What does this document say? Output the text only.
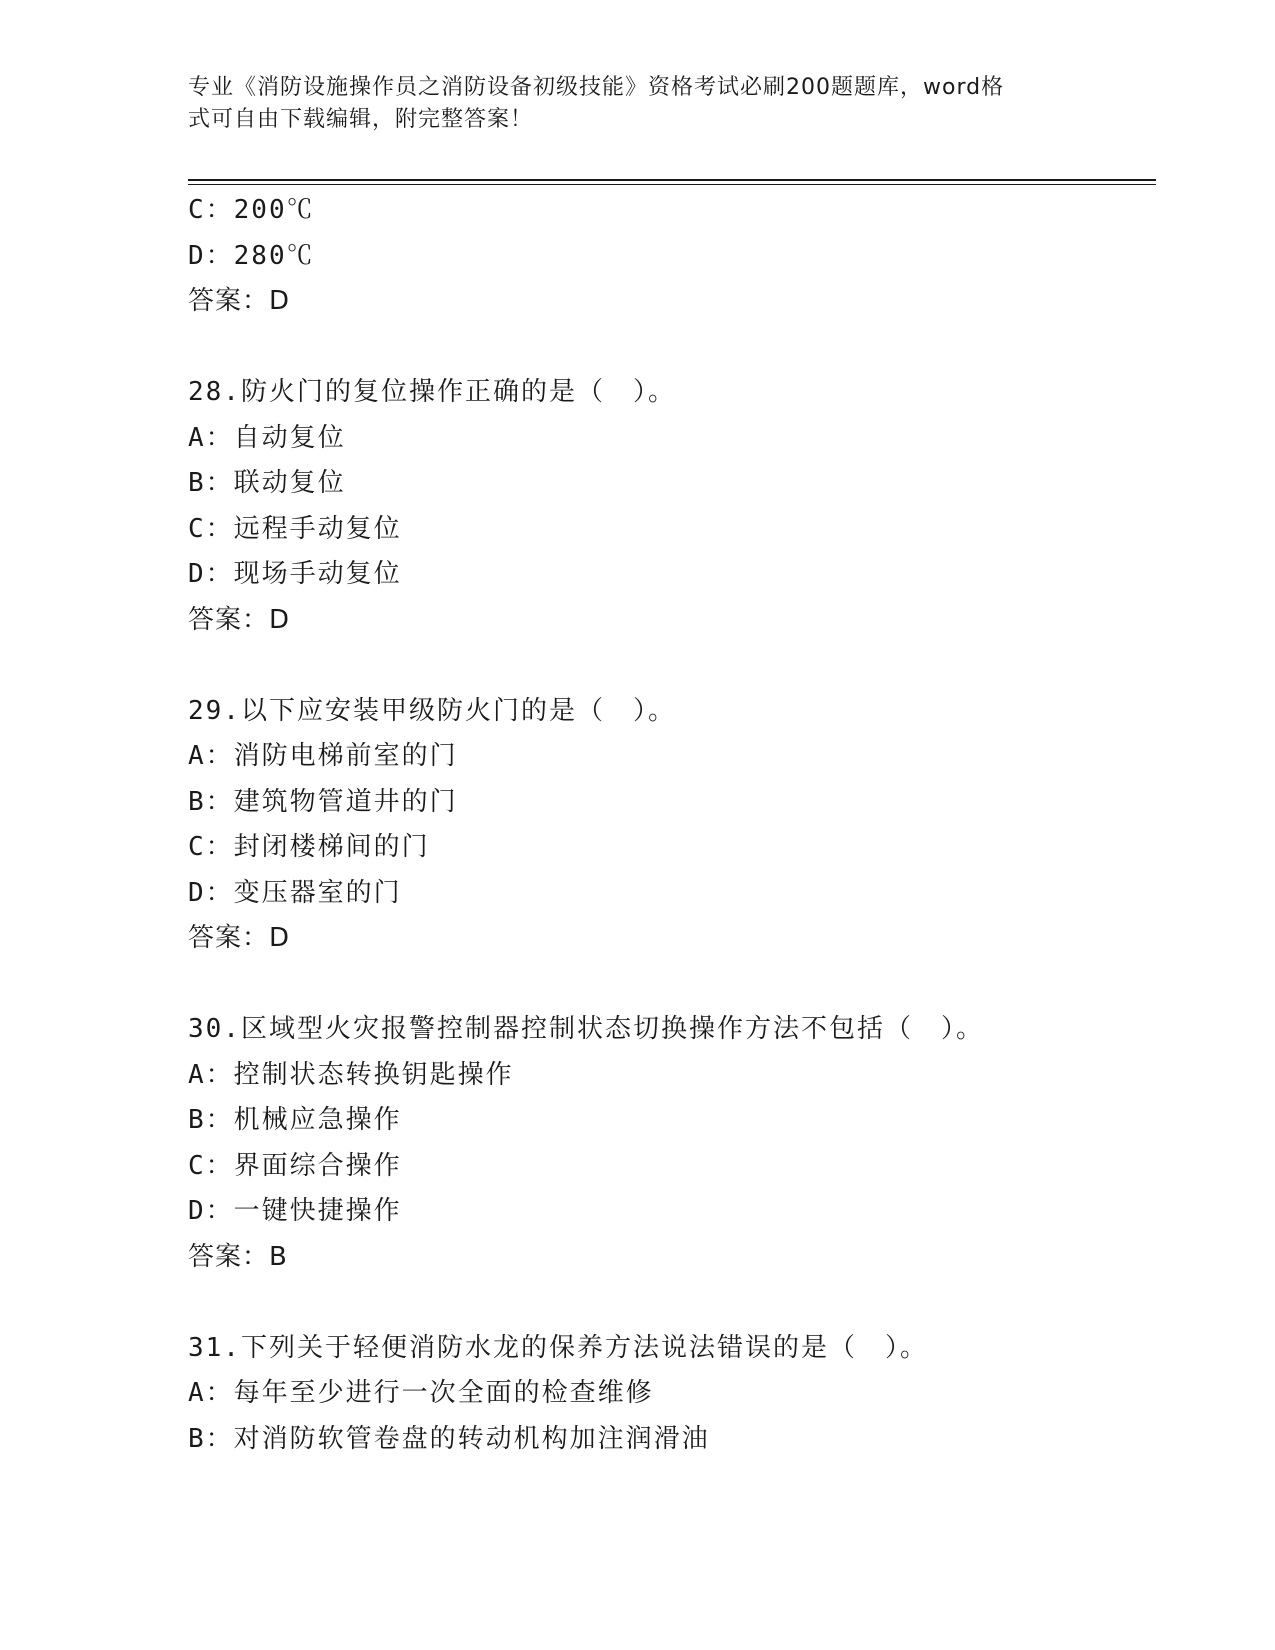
专业《消防设施操作员之消防设备初级技能》资格考试必刷200题题库，word格
式可自由下载编辑，附完整答案！
C：200℃
D：280℃
答案：D
28.防火门的复位操作正确的是（　）。
A：自动复位
B：联动复位
C：远程手动复位
D：现场手动复位
答案：D
29.以下应安装甲级防火门的是（　）。
A：消防电梯前室的门
B：建筑物管道井的门
C：封闭楼梯间的门
D：变压器室的门
答案：D
30.区域型火灾报警控制器控制状态切换操作方法不包括（　）。
A：控制状态转换钥匙操作
B：机械应急操作
C：界面综合操作
D：一键快捷操作
答案：B
31.下列关于轻便消防水龙的保养方法说法错误的是（　）。
A：每年至少进行一次全面的检查维修
B：对消防软管卷盘的转动机构加注润滑油
